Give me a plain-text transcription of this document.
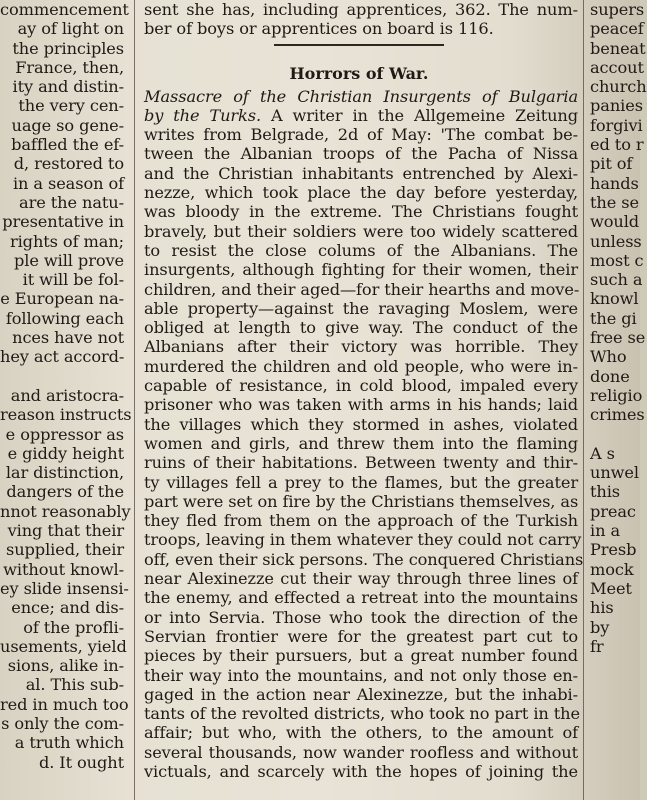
commencement
ay of light on
the principles
France, then,
ity and distin-
the very cen-
uage so gene-
baffled the ef-
d, restored to
in a season of
are the natu-
presentative in
rights of man;
ple will prove
it will be fol-
e European na-
following each
nces have not
hey act accord-
and aristocra-
reason instructs
e oppressor as
e giddy height
lar distinction,
dangers of the
nnot reasonably
ving that their
supplied, their
without knowl-
ey slide insensi-
ence; and dis-
of the profli-
usements, yield
sions, alike in-
al. This sub-
red in much too
s only the com-
a truth which
d. It ought
sent she has, including apprentices, 362. The num-
ber of boys or apprentices on board is 116.
Horrors of War.
Massacre of the Christian Insurgents of Bulgaria
by the Turks. A writer in the Allgemeine Zeitung
writes from Belgrade, 2d of May: 'The combat be-
tween the Albanian troops of the Pacha of Nissa
and the Christian inhabitants entrenched by Alexi-
nezze, which took place the day before yesterday,
was bloody in the extreme. The Christians fought
bravely, but their soldiers were too widely scattered
to resist the close colums of the Albanians. The
insurgents, although fighting for their women, their
children, and their aged—for their hearths and move-
able property—against the ravaging Moslem, were
obliged at length to give way. The conduct of the
Albanians after their victory was horrible. They
murdered the children and old people, who were in-
capable of resistance, in cold blood, impaled every
prisoner who was taken with arms in his hands; laid
the villages which they stormed in ashes, violated
women and girls, and threw them into the flaming
ruins of their habitations. Between twenty and thir-
ty villages fell a prey to the flames, but the greater
part were set on fire by the Christians themselves, as
they fled from them on the approach of the Turkish
troops, leaving in them whatever they could not carry
off, even their sick persons. The conquered Christians
near Alexinezze cut their way through three lines of
the enemy, and effected a retreat into the mountains
or into Servia. Those who took the direction of the
Servian frontier were for the greatest part cut to
pieces by their pursuers, but a great number found
their way into the mountains, and not only those en-
gaged in the action near Alexinezze, but the inhabi-
tants of the revolted districts, who took no part in the
affair; but who, with the others, to the amount of
several thousands, now wander roofless and without
victuals, and scarcely with the hopes of joining the
supers
peacef
beneat
accout
church
panies
forgivi
ed to r
pit of
hands
the se
would
unless
most c
such a
knowl
the gi
free se
Who
done
religio
crimes
A s
unwel
this
preac
in a
Presb
mock
Meet
his
by
fr
